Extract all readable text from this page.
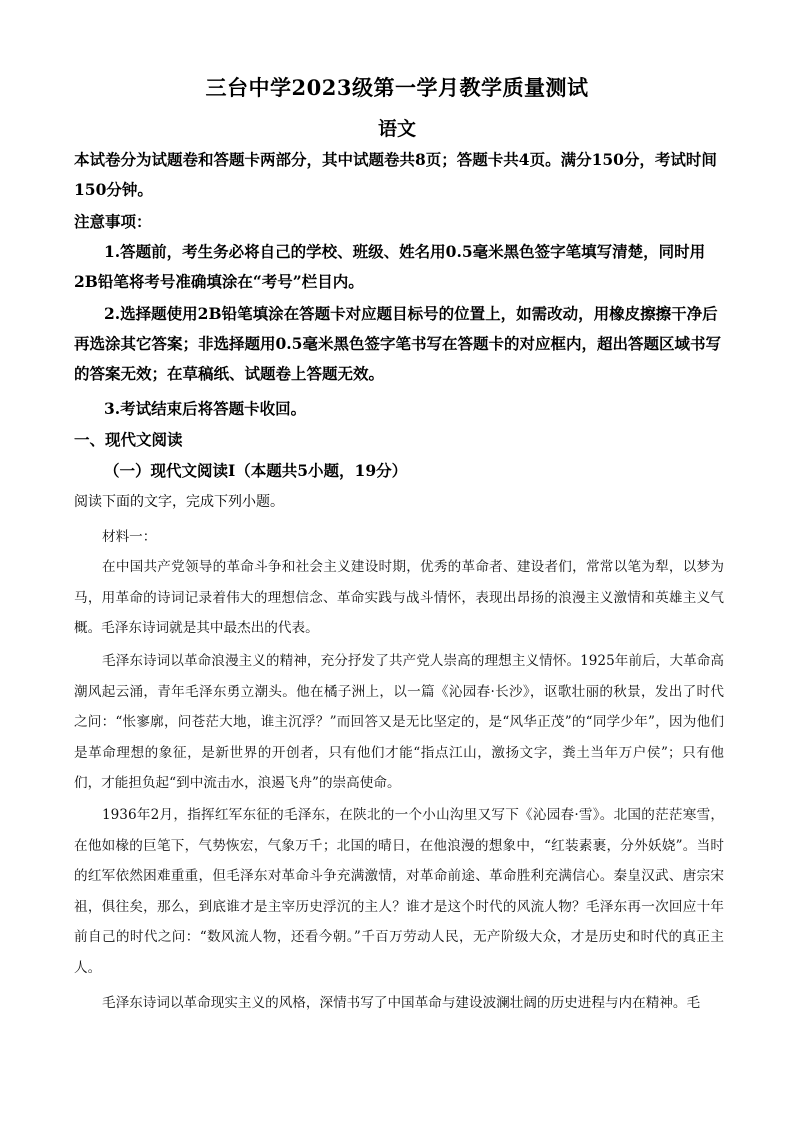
三台中学2023级第一学月教学质量测试
语文
本试卷分为试题卷和答题卡两部分，其中试题卷共8页；答题卡共4页。满分150分，考试时间150分钟。
注意事项：
1.答题前，考生务必将自己的学校、班级、姓名用0.5毫米黑色签字笔填写清楚，同时用2B铅笔将考号准确填涂在“考号”栏目内。
2.选择题使用2B铅笔填涂在答题卡对应题目标号的位置上，如需改动，用橡皮擦擦干净后再选涂其它答案；非选择题用0.5毫米黑色签字笔书写在答题卡的对应框内，超出答题区域书写的答案无效；在草稿纸、试题卷上答题无效。
3.考试结束后将答题卡收回。
一、现代文阅读
（一）现代文阅读Ⅰ（本题共5小题，19分）
阅读下面的文字，完成下列小题。
材料一：
在中国共产党领导的革命斗争和社会主义建设时期，优秀的革命者、建设者们，常常以笔为犁，以梦为马，用革命的诗词记录着伟大的理想信念、革命实践与战斗情怀，表现出昂扬的浪漫主义激情和英雄主义气概。毛泽东诗词就是其中最杰出的代表。
毛泽东诗词以革命浪漫主义的精神，充分抒发了共产党人崇高的理想主义情怀。1925年前后，大革命高潮风起云涌，青年毛泽东勇立潮头。他在橘子洲上，以一篇《沁园春·长沙》，讴歌壮丽的秋景，发出了时代之问：“怅寥廓，问苍茫大地，谁主沉浮？”而回答又是无比坚定的，是“风华正茂”的“同学少年”，因为他们是革命理想的象征，是新世界的开创者，只有他们才能“指点江山，激扬文字，粪土当年万户侯”；只有他们，才能担负起“到中流击水，浪遏飞舟”的崇高使命。
1936年2月，指挥红军东征的毛泽东，在陕北的一个小山沟里又写下《沁园春·雪》。北国的茫茫寒雪，在他如椽的巨笔下，气势恢宏，气象万千；北国的晴日，在他浪漫的想象中，“红装素裹，分外妖娆”。当时的红军依然困难重重，但毛泽东对革命斗争充满激情，对革命前途、革命胜利充满信心。秦皇汉武、唐宗宋祖，俱往矣，那么，到底谁才是主宰历史浮沉的主人？谁才是这个时代的风流人物？毛泽东再一次回应十年前自己的时代之问：“数风流人物，还看今朝。”千百万劳动人民，无产阶级大众，才是历史和时代的真正主人。
毛泽东诗词以革命现实主义的风格，深情书写了中国革命与建设波澜壮阔的历史进程与内在精神。毛
